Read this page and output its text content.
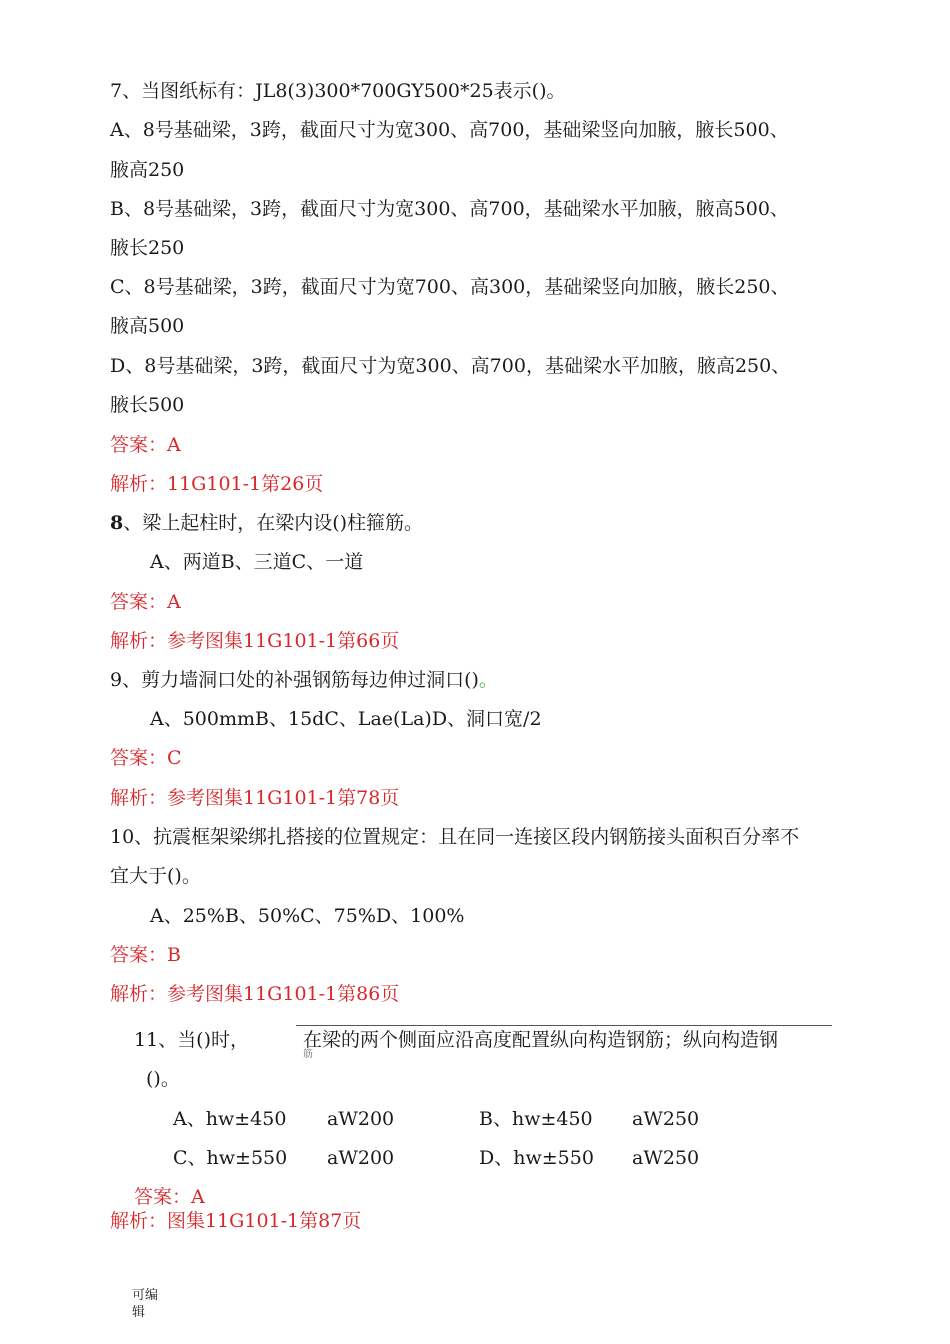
7、当图纸标有：JL8(3)300*700GY500*25表示()。
A、8号基础梁，3跨，截面尺寸为宽300、高700，基础梁竖向加腋，腋长500、
腋高250
B、8号基础梁，3跨，截面尺寸为宽300、高700，基础梁水平加腋，腋高500、
腋长250
C、8号基础梁，3跨，截面尺寸为宽700、高300，基础梁竖向加腋，腋长250、
腋高500
D、8号基础梁，3跨，截面尺寸为宽300、高700，基础梁水平加腋，腋高250、
腋长500
答案：A
解析：11G101-1第26页
8、梁上起柱时，在梁内设()柱箍筋。
A、两道B、三道C、一道
答案：A
解析：参考图集11G101-1第66页
9、剪力墙洞口处的补强钢筋每边伸过洞口()。
A、500mmB、15dC、Lae(La)D、洞口宽/2
答案：C
解析：参考图集11G101-1第78页
10、抗震框架梁绑扎搭接的位置规定：且在同一连接区段内钢筋接头面积百分率不
宜大于()。
A、25%B、50%C、75%D、100%
答案：B
解析：参考图集11G101-1第86页
11、当()时，	在梁的两个侧面应沿高度配置纵向构造钢筋；纵向构造钢
筋
()。
A、hw±450 aW200	B、hw±450 aW250
C、hw±550 aW200	D、hw±550 aW250
答案：A
解析：图集11G101-1第87页
可编辑
